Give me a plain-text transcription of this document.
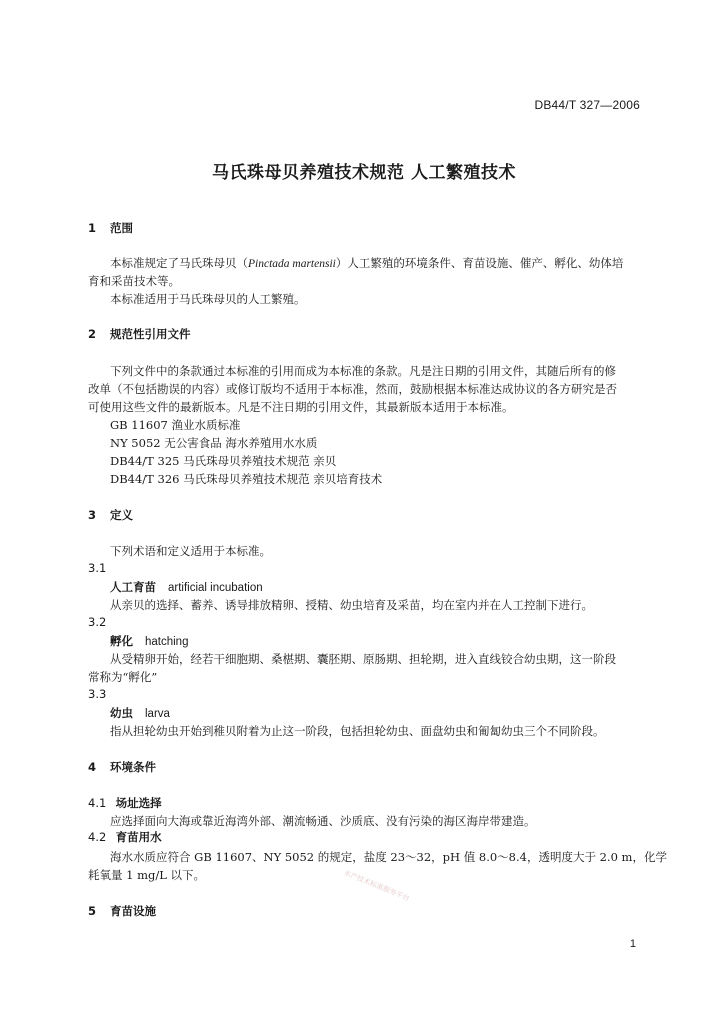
DB44/T 327—2006
马氏珠母贝养殖技术规范 人工繁殖技术
1 范围
本标准规定了马氏珠母贝（Pinctada martensii）人工繁殖的环境条件、育苗设施、催产、孵化、幼体培
育和采苗技术等。
本标准适用于马氏珠母贝的人工繁殖。
2 规范性引用文件
下列文件中的条款通过本标准的引用而成为本标准的条款。凡是注日期的引用文件，其随后所有的修
改单（不包括勘误的内容）或修订版均不适用于本标准，然而，鼓励根据本标准达成协议的各方研究是否
可使用这些文件的最新版本。凡是不注日期的引用文件，其最新版本适用于本标准。
GB 11607 渔业水质标准
NY 5052 无公害食品 海水养殖用水水质
DB44/T 325 马氏珠母贝养殖技术规范 亲贝
DB44/T 326 马氏珠母贝养殖技术规范 亲贝培育技术
3 定义
下列术语和定义适用于本标准。
3.1
人工育苗 artificial incubation
从亲贝的选择、蓄养、诱导排放精卵、授精、幼虫培育及采苗，均在室内并在人工控制下进行。
3.2
孵化 hatching
从受精卵开始，经若干细胞期、桑椹期、囊胚期、原肠期、担轮期，进入直线铰合幼虫期，这一阶段
常称为“孵化”
3.3
幼虫 larva
指从担轮幼虫开始到稚贝附着为止这一阶段，包括担轮幼虫、面盘幼虫和匍匐幼虫三个不同阶段。
4 环境条件
4.1 场址选择
应选择面向大海或靠近海湾外部、潮流畅通、沙质底、没有污染的海区海岸带建造。
4.2 育苗用水
海水水质应符合 GB 11607、NY 5052 的规定，盐度 23～32，pH 值 8.0～8.4，透明度大于 2.0 m，化学
耗氧量 1 mg/L 以下。
5 育苗设施
水产技术标准服务平台
1
